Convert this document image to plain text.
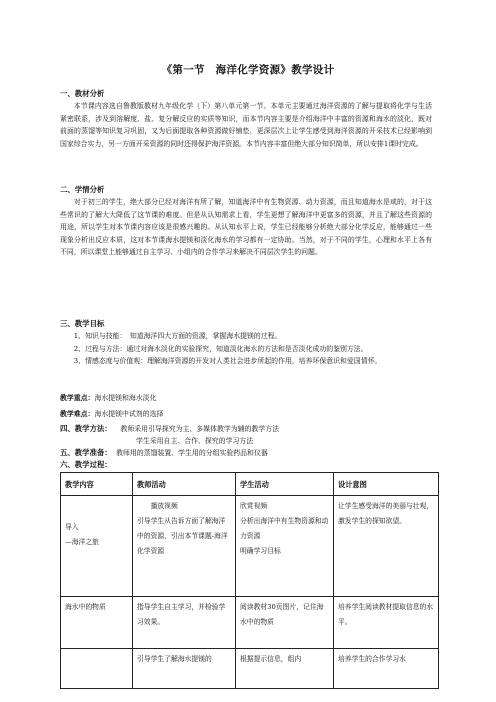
《第一节　海洋化学资源》教学设计
一、教材分析
本节课内容选自鲁教版教材九年级化学（下）第八单元第一节。本单元主要通过海洋资源的了解与提取将化学与生活紧密联系，涉及到溶解度、盐、复分解反应的实质等知识，而本节内容主要是介绍海洋中丰富的资源和海水的淡化，既对前面的蒸馏等知识复习巩固，又为后面提取各种资源做好铺垫，更深层次上让学生感受到海洋资源的开采技术已经影响到国家综合实力，另一方面开采资源的同时还得保护海洋资源。本节内容丰富但绝大部分知识简单，所以安排1课时完成。
二、学情分析
对于初三的学生，绝大部分已经对海洋有所了解，知道海洋中有生物资源、动力资源，而且知道海水是咸的，对于这些常识的了解大大降低了这节课的难度。但是从认知需求上看，学生更想了解海洋中更富多的资源，并且了解这些资源的用途，所以学生对本节课内容应该是很感兴趣的。从认知水平上说，学生已经能够分析绝大部分化学反应，能够通过一些现象分析出反应本质，这对本节课海水提镁和淡化海水的学习都有一定协助。当然，对于不同的学生，心理和水平上各有不同，所以课堂上能够通过自主学习、小组内的合作学习来解决不同层次学生的问题。
三、教学目标
1、知识与技能：　知道海洋四大方面的资源，掌握海水提镁的过程。
2、过程与方法：通过对海水淡化的实验探究，知道淡化海水的方法和是否淡化成功的鉴别方法。
3、情感态度与价值观：理解海洋资源的开发对人类社会进步所起的作用，培养环保意识和爱国情怀。
教学重点：海水提镁和海水淡化
教学难点：海水提镁中试剂的选择
四、教学方法： 教师采用引导探究为主、多媒体教学为辅的教学方法
学生采用自主、合作、探究的学习方法
五、教学准备： 教师用的蒸馏装置、学生用的分组实验药品和仪器
六、教学过程：
教学内容	教师活动	学生活动	设计意图
导入
—海洋之旅	　　播放视频
引导学生从告诉方面了解海洋中的资源，引出本节课题-海洋化学资源	欣赏视频
分析出海洋中有生物资源和动力资源
明确学习目标	让学生感受海洋的美丽与壮观，激发学生的探知欲望。
海水中的物质	指导学生自主学习，并检验学习效果。	阅读教材30页图片，记住海水中的物质	培养学生阅读教材提取信息的水平。
	引导学生了解海水提镁的	根据提示信息，组内	培养学生的合作学习水
